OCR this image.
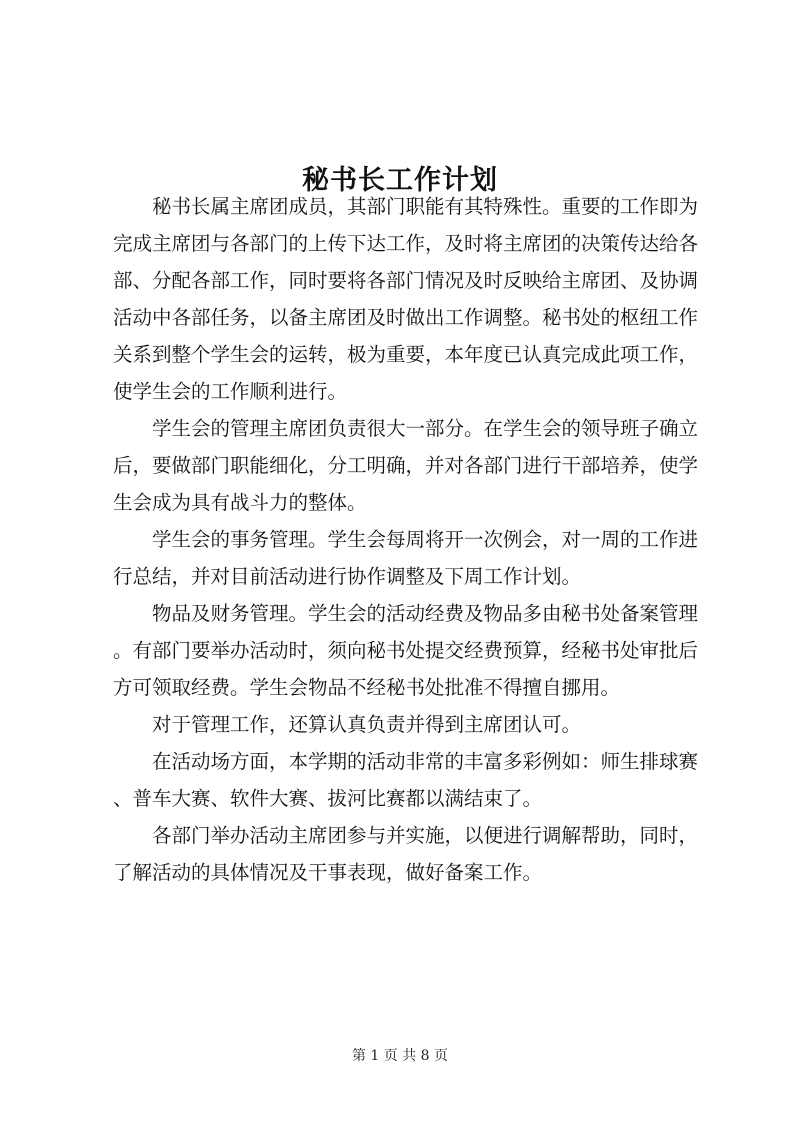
秘书长工作计划

秘书长属主席团成员，其部门职能有其特殊性。重要的工作即为完成主席团与各部门的上传下达工作，及时将主席团的决策传达给各部、分配各部工作，同时要将各部门情况及时反映给主席团、及协调活动中各部任务，以备主席团及时做出工作调整。秘书处的枢纽工作关系到整个学生会的运转，极为重要，本年度已认真完成此项工作，使学生会的工作顺利进行。

学生会的管理主席团负责很大一部分。在学生会的领导班子确立后，要做部门职能细化，分工明确，并对各部门进行干部培养，使学生会成为具有战斗力的整体。

学生会的事务管理。学生会每周将开一次例会，对一周的工作进行总结，并对目前活动进行协作调整及下周工作计划。

物品及财务管理。学生会的活动经费及物品多由秘书处备案管理。有部门要举办活动时，须向秘书处提交经费预算，经秘书处审批后方可领取经费。学生会物品不经秘书处批准不得擅自挪用。

对于管理工作，还算认真负责并得到主席团认可。

在活动场方面，本学期的活动非常的丰富多彩例如：师生排球赛、普车大赛、软件大赛、拔河比赛都以满结束了。

各部门举办活动主席团参与并实施，以便进行调解帮助，同时，了解活动的具体情况及干事表现，做好备案工作。

第 1 页 共 8 页
